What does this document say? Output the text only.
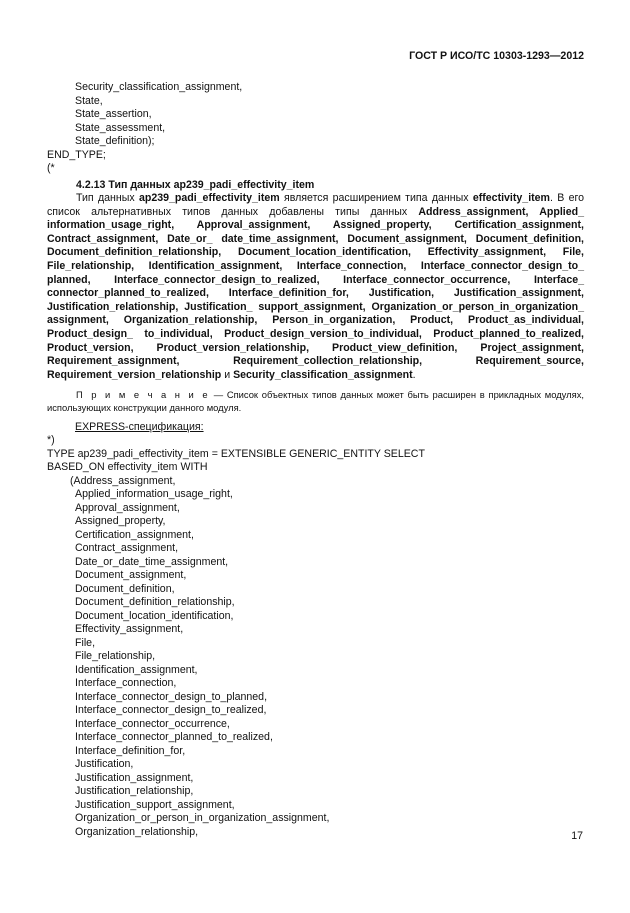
ГОСТ Р ИСО/ТС 10303-1293—2012
Security_classification_assignment,
State,
State_assertion,
State_assessment,
State_definition);
END_TYPE;
(*
4.2.13 Тип данных ap239_padi_effectivity_item

Тип данных ap239_padi_effectivity_item является расширением типа данных effectivity_item. В его список альтернативных типов данных добавлены типы данных Address_assignment, Applied_ information_usage_right, Approval_assignment, Assigned_property, Certification_assignment, Contract_assignment, Date_or_ date_time_assignment, Document_assignment, Document_definition, Document_definition_relationship, Document_location_identification, Effectivity_assignment, File, File_relationship, Identification_assignment, Interface_connection, Interface_connector_design_to_ planned, Interface_connector_design_to_realized, Interface_connector_occurrence, Interface_ connector_planned_to_realized, Interface_definition_for, Justification, Justification_assignment, Justification_relationship, Justification_ support_assignment, Organization_or_person_in_organization_ assignment, Organization_relationship, Person_in_organization, Product, Product_as_individual, Product_design_ to_individual, Product_design_version_to_individual, Product_planned_to_realized, Product_version, Product_version_relationship, Product_view_definition, Project_assignment, Requirement_assignment, Requirement_collection_relationship, Requirement_source, Requirement_version_relationship и Security_classification_assignment.

П р и м е ч а н и е — Список объектных типов данных может быть расширен в прикладных модулях, использующих конструкции данного модуля.

EXPRESS-спецификация:
*)
TYPE ap239_padi_effectivity_item = EXTENSIBLE GENERIC_ENTITY SELECT
BASED_ON effectivity_item WITH
(Address_assignment,
Applied_information_usage_right,
Approval_assignment,
Assigned_property,
Certification_assignment,
Contract_assignment,
Date_or_date_time_assignment,
Document_assignment,
Document_definition,
Document_definition_relationship,
Document_location_identification,
Effectivity_assignment,
File,
File_relationship,
Identification_assignment,
Interface_connection,
Interface_connector_design_to_planned,
Interface_connector_design_to_realized,
Interface_connector_occurrence,
Interface_connector_planned_to_realized,
Interface_definition_for,
Justification,
Justification_assignment,
Justification_relationship,
Justification_support_assignment,
Organization_or_person_in_organization_assignment,
Organization_relationship,	17
